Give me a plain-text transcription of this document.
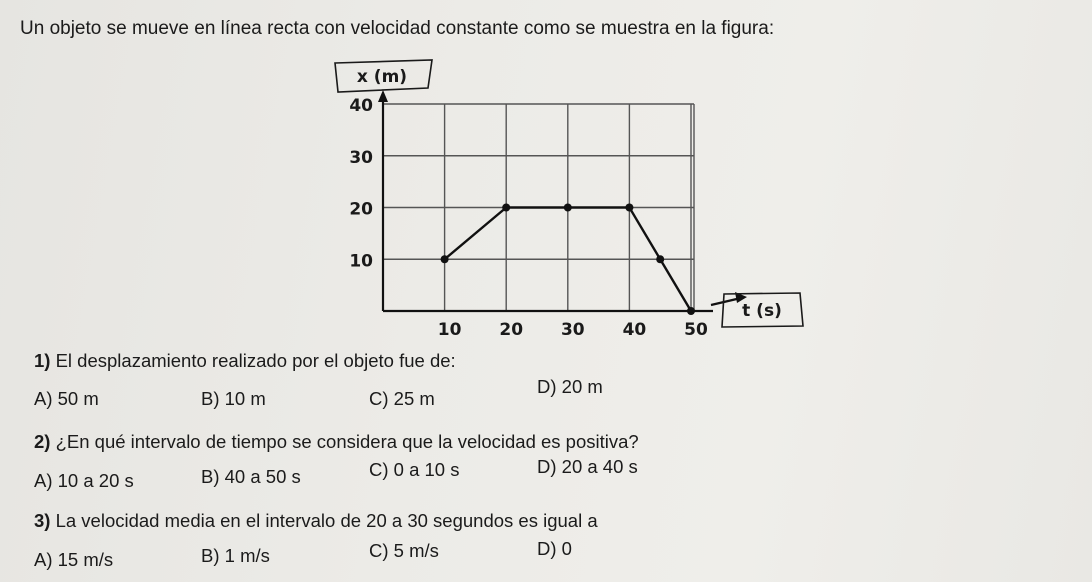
Un objeto se mueve en línea recta con velocidad constante como se muestra en la figura:
10
20
30
40
10 20 30 40 50
x (m)
t (s)
1) El desplazamiento realizado por el objeto fue de:
A) 50 m	B) 10 m	C) 25 m
D) 20 m
2) ¿En qué intervalo de tiempo se considera que la velocidad es positiva?
A) 10 a 20 s	B) 40 a 50 s	C) 0 a 10 s	D) 20 a 40 s
3) La velocidad media en el intervalo de 20 a 30 segundos es igual a
A) 15 m/s	B) 1 m/s	C) 5 m/s	D) 0
